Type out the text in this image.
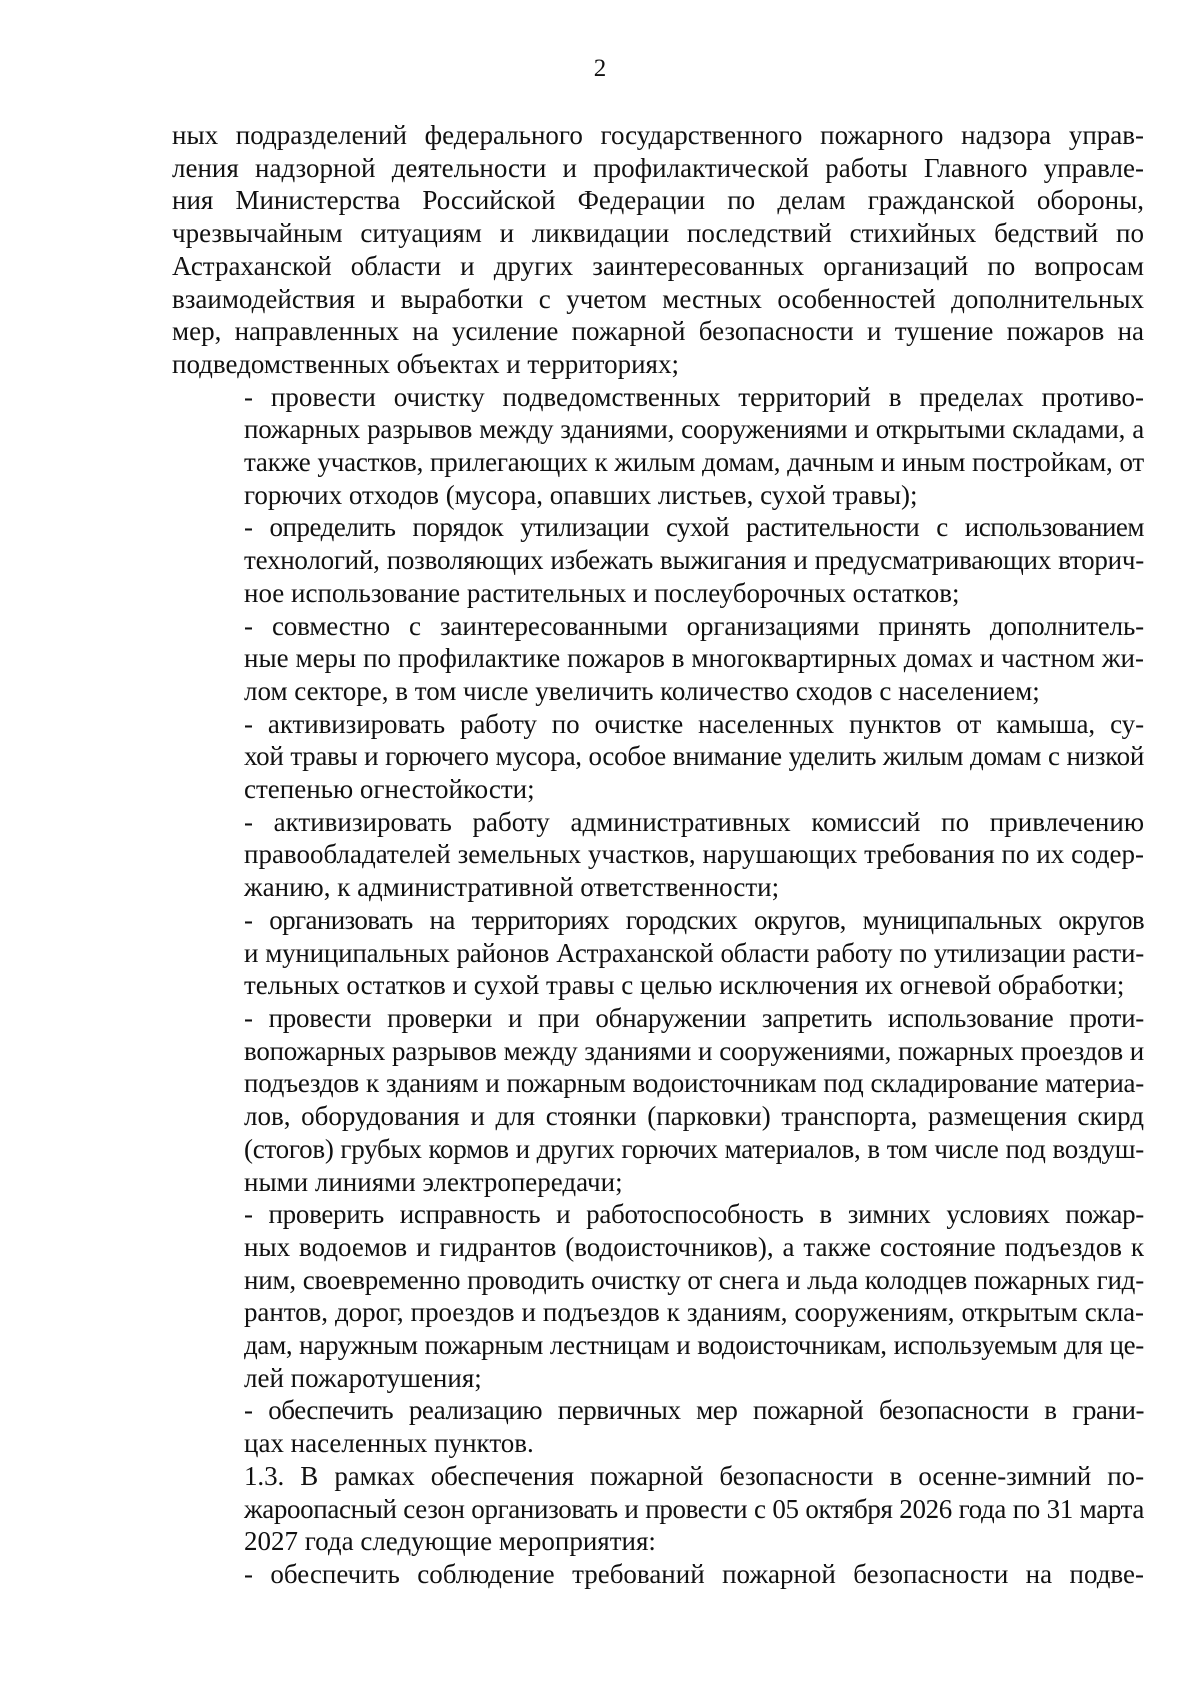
2
ных подразделений федерального государственного пожарного надзора управ-
ления надзорной деятельности и профилактической работы Главного управле-
ния Министерства Российской Федерации по делам гражданской обороны,
чрезвычайным ситуациям и ликвидации последствий стихийных бедствий по
Астраханской области и других заинтересованных организаций по вопросам
взаимодействия и выработки с учетом местных особенностей дополнительных
мер, направленных на усиление пожарной безопасности и тушение пожаров на
подведомственных объектах и территориях;
- провести очистку подведомственных территорий в пределах противо-
пожарных разрывов между зданиями, сооружениями и открытыми складами, а
также участков, прилегающих к жилым домам, дачным и иным постройкам, от
горючих отходов (мусора, опавших листьев, сухой травы);
- определить порядок утилизации сухой растительности с использованием
технологий, позволяющих избежать выжигания и предусматривающих вторич-
ное использование растительных и послеуборочных остатков;
- совместно с заинтересованными организациями принять дополнитель-
ные меры по профилактике пожаров в многоквартирных домах и частном жи-
лом секторе, в том числе увеличить количество сходов с населением;
- активизировать работу по очистке населенных пунктов от камыша, су-
хой травы и горючего мусора, особое внимание уделить жилым домам с низкой
степенью огнестойкости;
- активизировать работу административных комиссий по привлечению
правообладателей земельных участков, нарушающих требования по их содер-
жанию, к административной ответственности;
- организовать на территориях городских округов, муниципальных округов
и муниципальных районов Астраханской области работу по утилизации расти-
тельных остатков и сухой травы с целью исключения их огневой обработки;
- провести проверки и при обнаружении запретить использование проти-
вопожарных разрывов между зданиями и сооружениями, пожарных проездов и
подъездов к зданиям и пожарным водоисточникам под складирование материа-
лов, оборудования и для стоянки (парковки) транспорта, размещения скирд
(стогов) грубых кормов и других горючих материалов, в том числе под воздуш-
ными линиями электропередачи;
- проверить исправность и работоспособность в зимних условиях пожар-
ных водоемов и гидрантов (водоисточников), а также состояние подъездов к
ним, своевременно проводить очистку от снега и льда колодцев пожарных гид-
рантов, дорог, проездов и подъездов к зданиям, сооружениям, открытым скла-
дам, наружным пожарным лестницам и водоисточникам, используемым для це-
лей пожаротушения;
- обеспечить реализацию первичных мер пожарной безопасности в грани-
цах населенных пунктов.
1.3. В рамках обеспечения пожарной безопасности в осенне-зимний по-
жароопасный сезон организовать и провести с 05 октября 2026 года по 31 марта
2027 года следующие мероприятия:
- обеспечить соблюдение требований пожарной безопасности на подве-
